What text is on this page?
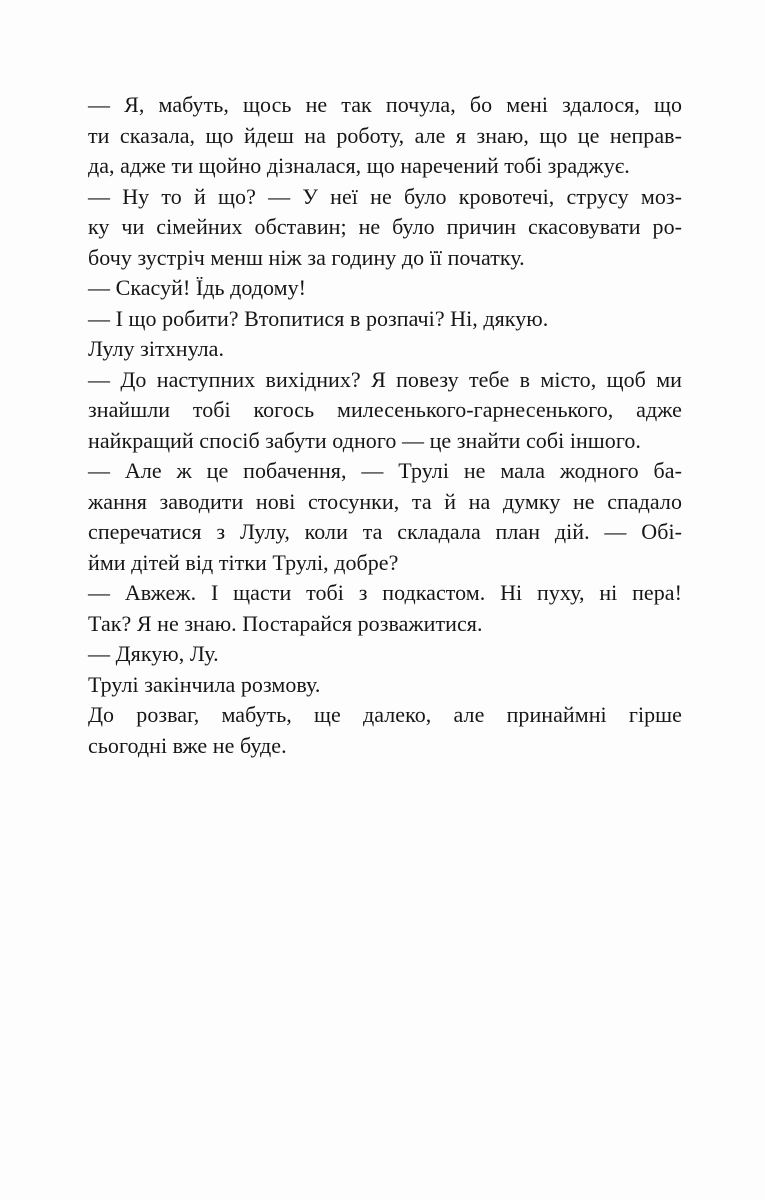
— Я, мабуть, щось не так почула, бо мені здалося, що
ти сказала, що йдеш на роботу, але я знаю, що це неправ-
да, адже ти щойно дізналася, що наречений тобі зраджує.

— Ну то й що? — У неї не було кровотечі, струсу моз-
ку чи сімейних обставин; не було причин скасовувати ро-
бочу зустріч менш ніж за годину до її початку.

— Скасуй! Їдь додому!

— І що робити? Втопитися в розпачі? Ні, дякую.

Лулу зітхнула.

— До наступних вихідних? Я повезу тебе в місто, щоб ми
знайшли тобі когось милесенького-гарнесенького, адже
найкращий спосіб забути одного — це знайти собі іншого.

— Але ж це побачення, — Трулі не мала жодного ба-
жання заводити нові стосунки, та й на думку не спадало
сперечатися з Лулу, коли та складала план дій. — Обі-
йми дітей від тітки Трулі, добре?

— Авжеж. І щасти тобі з подкастом. Ні пуху, ні пера!
Так? Я не знаю. Постарайся розважитися.

— Дякую, Лу.

Трулі закінчила розмову.

До розваг, мабуть, ще далеко, але принаймні гірше
сьогодні вже не буде.
